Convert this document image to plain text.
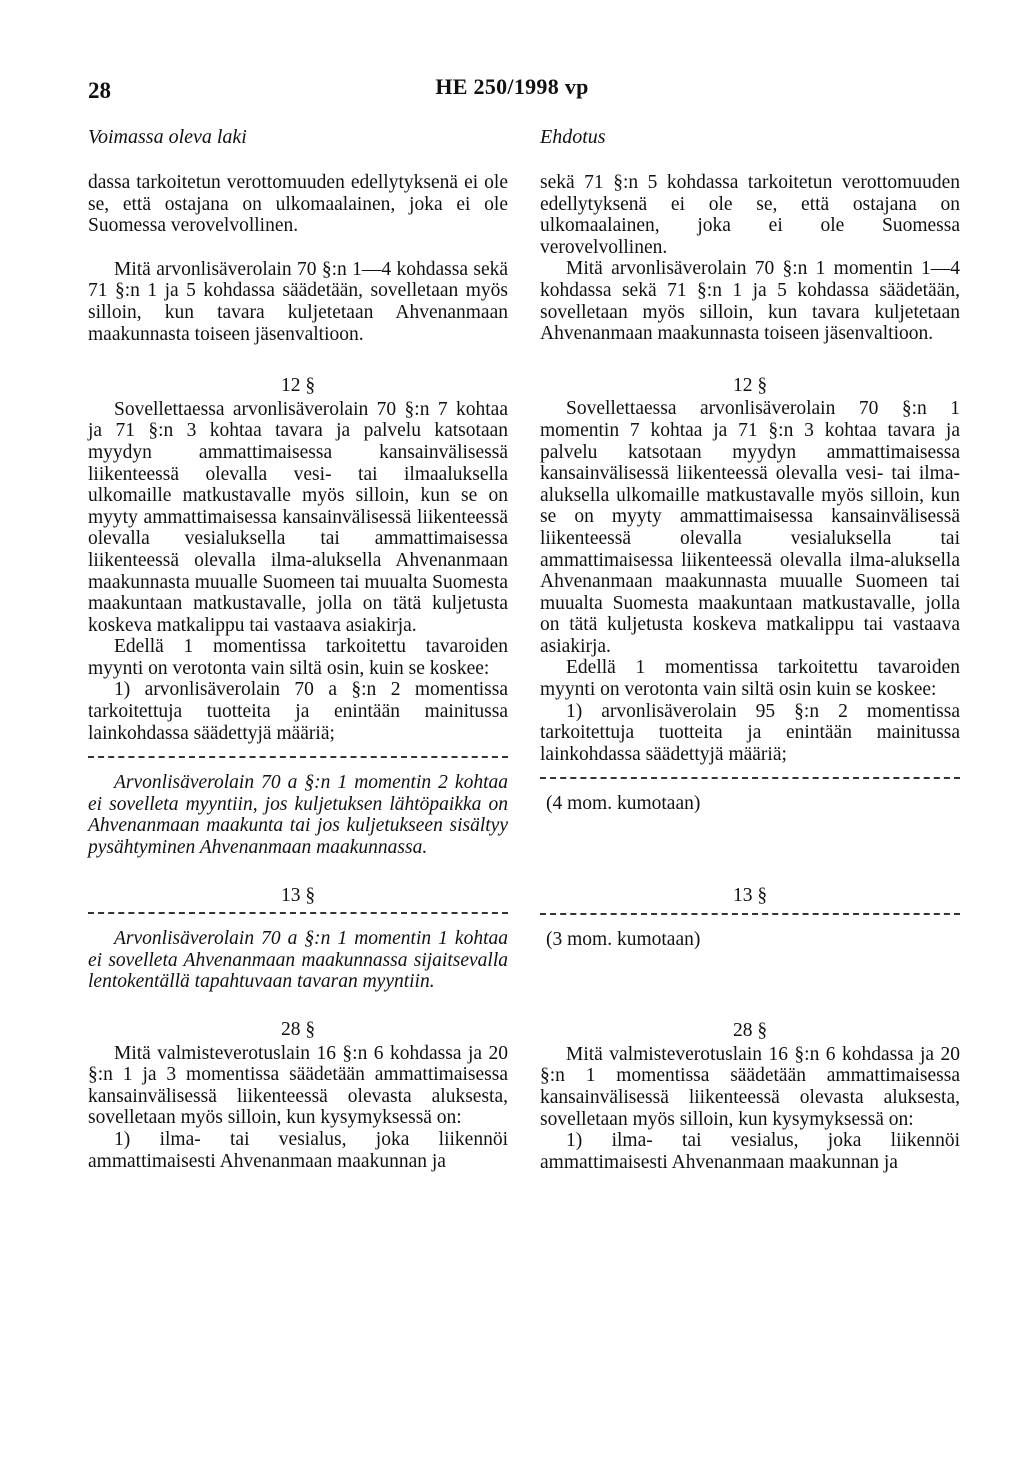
28	HE 250/1998 vp
Voimassa oleva laki	Ehdotus

dassa tarkoitetun verottomuuden edellytyksenä ei ole se, että ostajana on ulkomaalainen, joka ei ole Suomessa verovelvollinen.

Mitä arvonlisäverolain 70 §:n 1—4 kohdassa sekä 71 §:n 1 ja 5 kohdassa säädetään, sovelletaan myös silloin, kun tavara kuljetetaan Ahvenanmaan maakunnasta toiseen jäsenvaltioon.

12 §

Sovellettaessa arvonlisäverolain 70 §:n 7 kohtaa ja 71 §:n 3 kohtaa tavara ja palvelu katsotaan myydyn ammattimaisessa kansainvälisessä liikenteessä olevalla vesi- tai ilmaaluksella ulkomaille matkustavalle myös silloin, kun se on myyty ammattimaisessa kansainvälisessä liikenteessä olevalla vesialuksella tai ammattimaisessa liikenteessä olevalla ilma-aluksella Ahvenanmaan maakunnasta muualle Suomeen tai muualta Suomesta maakuntaan matkustavalle, jolla on tätä kuljetusta koskeva matkalippu tai vastaava asiakirja.

Edellä 1 momentissa tarkoitettu tavaroiden myynti on verotonta vain siltä osin, kuin se koskee:

1) arvonlisäverolain 70 a §:n 2 momentissa tarkoitettuja tuotteita ja enintään mainitussa lainkohdassa säädettyjä määriä;

Arvonlisäverolain 70 a §:n 1 momentin 2 kohtaa ei sovelleta myyntiin, jos kuljetuksen lähtöpaikka on Ahvenanmaan maakunta tai jos kuljetukseen sisältyy pysähtyminen Ahvenanmaan maakunnassa.

13 §

Arvonlisäverolain 70 a §:n 1 momentin 1 kohtaa ei sovelleta Ahvenanmaan maakunnassa sijaitsevalla lentokentällä tapahtuvaan tavaran myyntiin.

28 §

Mitä valmisteverotuslain 16 §:n 6 kohdassa ja 20 §:n 1 ja 3 momentissa säädetään ammattimaisessa kansainvälisessä liikenteessä olevasta aluksesta, sovelletaan myös silloin, kun kysymyksessä on:

1) ilma- tai vesialus, joka liikennöi ammattimaisesti Ahvenanmaan maakunnan ja

sekä 71 §:n 5 kohdassa tarkoitetun verottomuuden edellytyksenä ei ole se, että ostajana on ulkomaalainen, joka ei ole Suomessa verovelvollinen.

Mitä arvonlisäverolain 70 §:n 1 momentin 1—4 kohdassa sekä 71 §:n 1 ja 5 kohdassa säädetään, sovelletaan myös silloin, kun tavara kuljetetaan Ahvenanmaan maakunnasta toiseen jäsenvaltioon.

12 §

Sovellettaessa arvonlisäverolain 70 §:n 1 momentin 7 kohtaa ja 71 §:n 3 kohtaa tavara ja palvelu katsotaan myydyn ammattimaisessa kansainvälisessä liikenteessä olevalla vesi- tai ilma-aluksella ulkomaille matkustavalle myös silloin, kun se on myyty ammattimaisessa kansainvälisessä liikenteessä olevalla vesialuksella tai ammattimaisessa liikenteessä olevalla ilma-aluksella Ahvenanmaan maakunnasta muualle Suomeen tai muualta Suomesta maakuntaan matkustavalle, jolla on tätä kuljetusta koskeva matkalippu tai vastaava asiakirja.

Edellä 1 momentissa tarkoitettu tavaroiden myynti on verotonta vain siltä osin kuin se koskee:

1) arvonlisäverolain 95 §:n 2 momentissa tarkoitettuja tuotteita ja enintään mainitussa lainkohdassa säädettyjä määriä;

(4 mom. kumotaan)

13 §

(3 mom. kumotaan)

28 §

Mitä valmisteverotuslain 16 §:n 6 kohdassa ja 20 §:n 1 momentissa säädetään ammattimaisessa kansainvälisessä liikenteessä olevasta aluksesta, sovelletaan myös silloin, kun kysymyksessä on:

1) ilma- tai vesialus, joka liikennöi ammattimaisesti Ahvenanmaan maakunnan ja
